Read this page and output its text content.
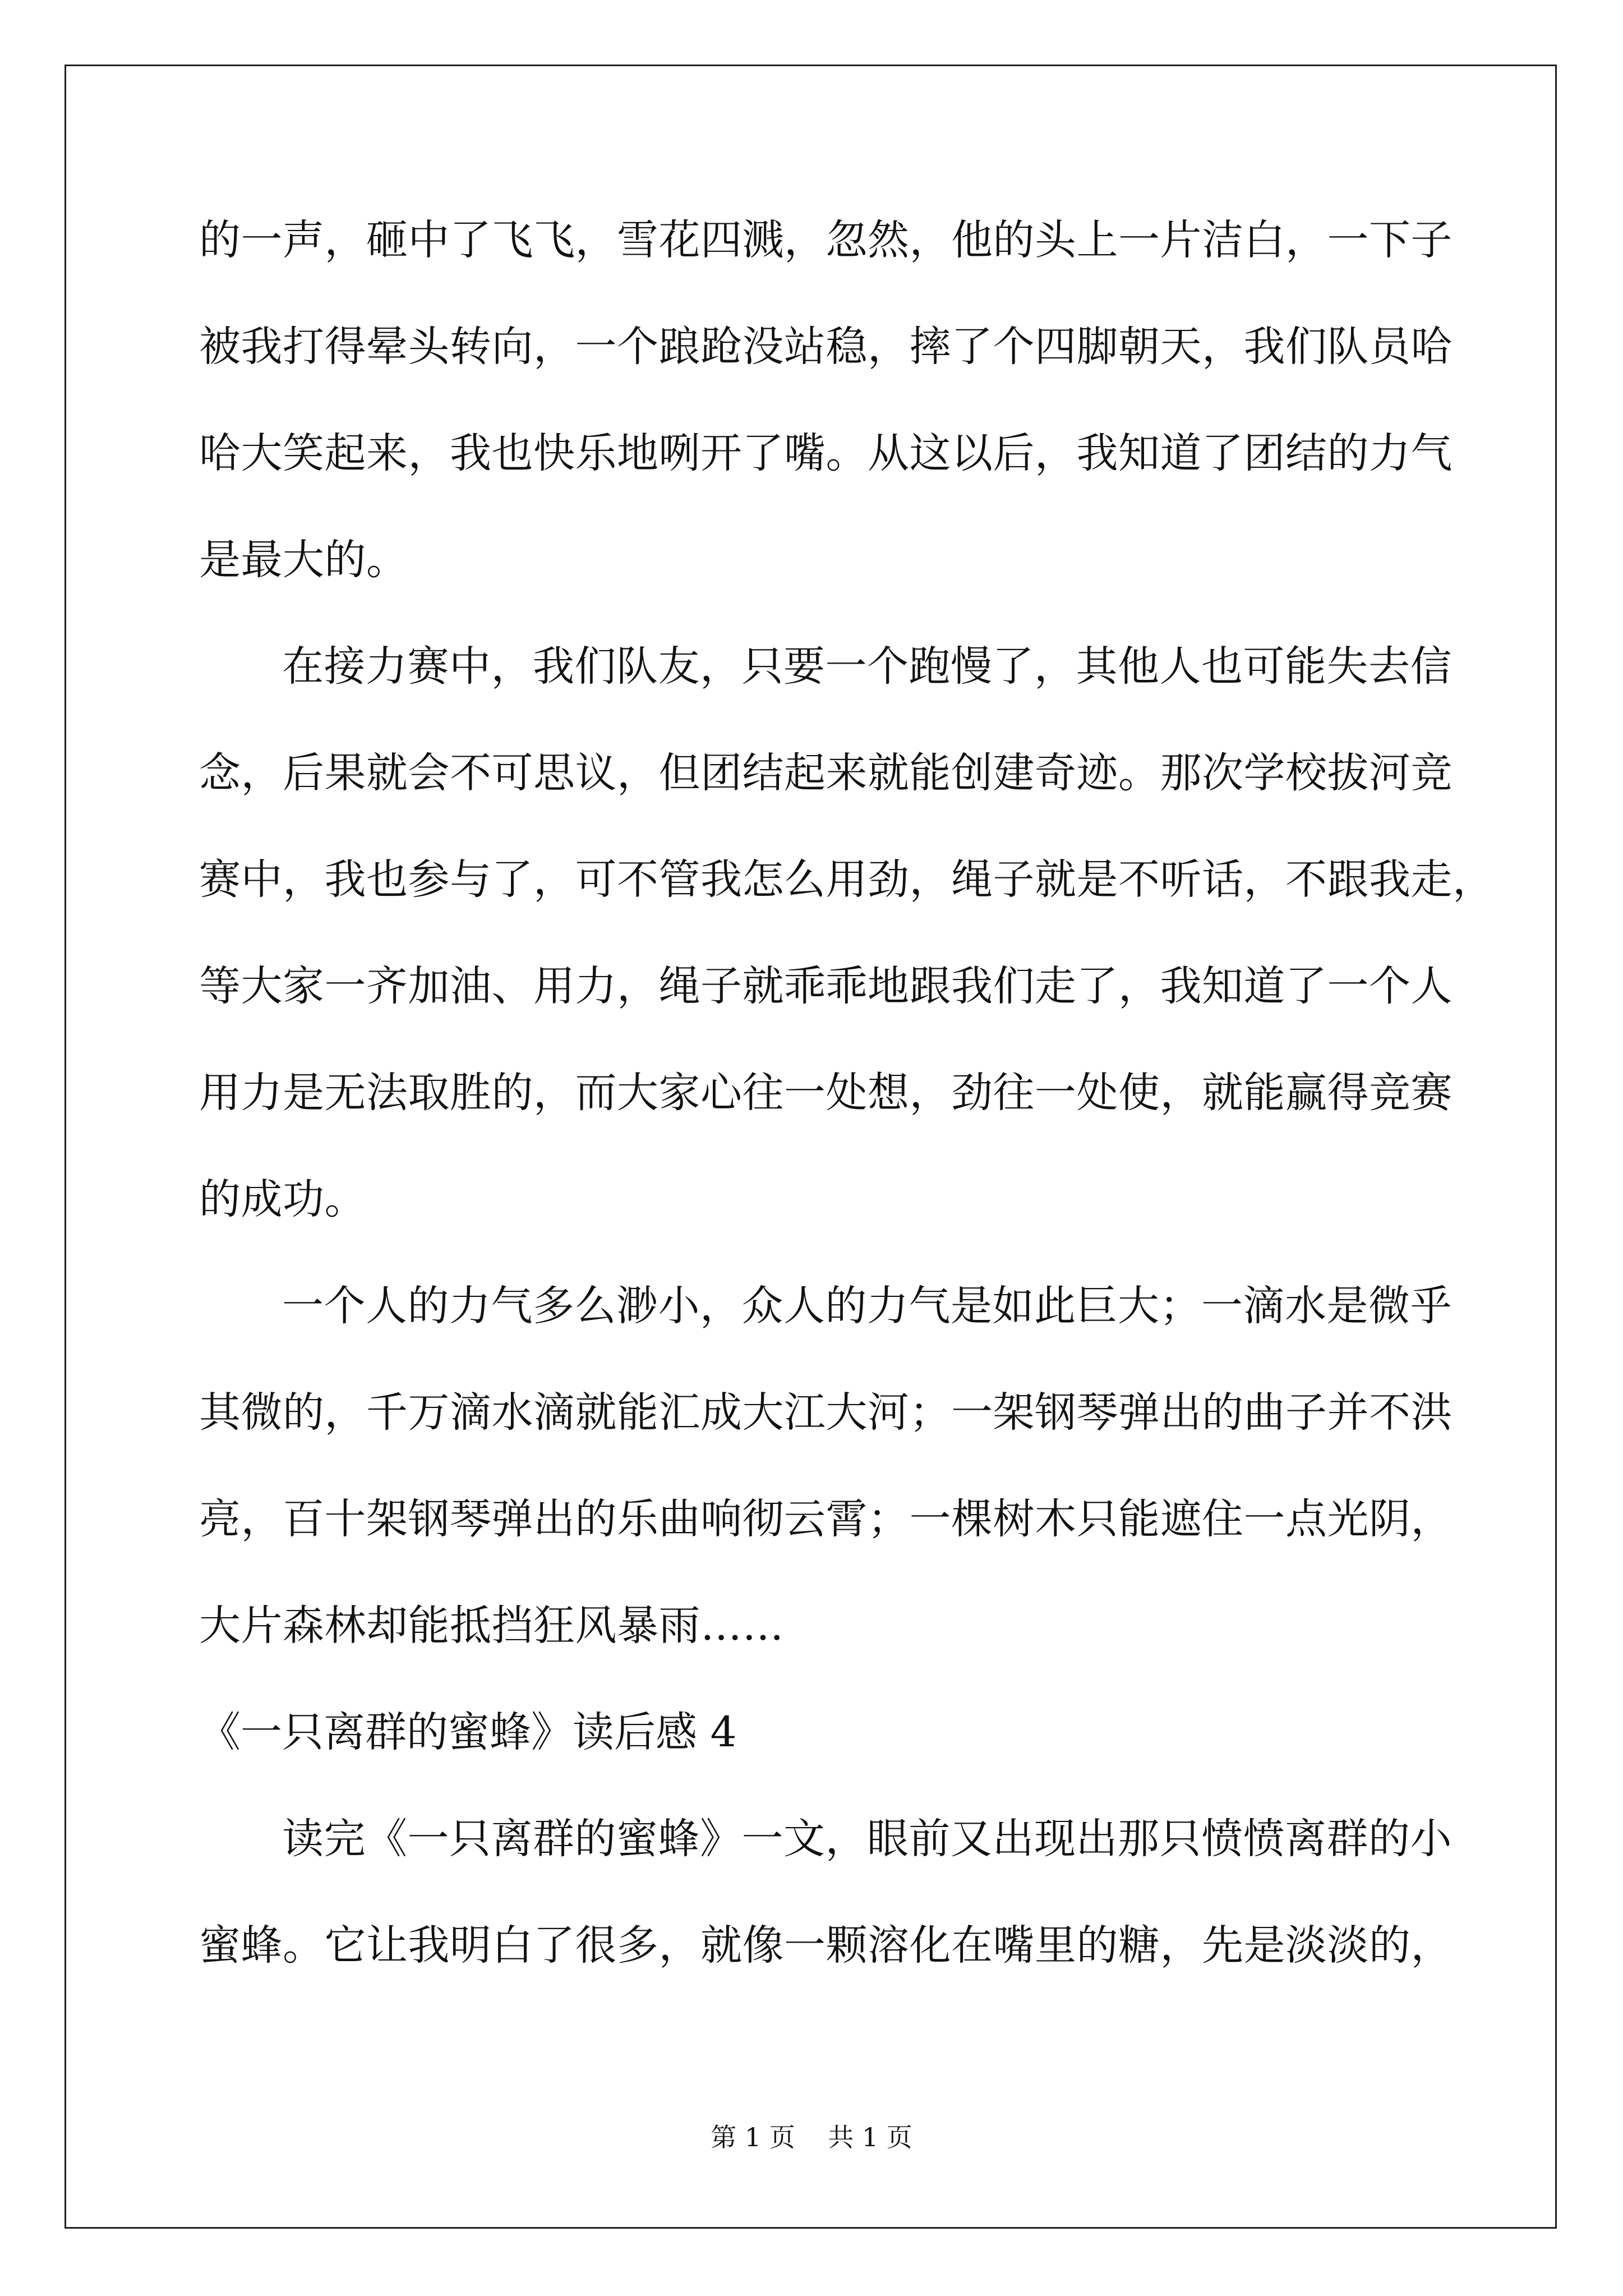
的一声，砸中了飞飞，雪花四溅，忽然，他的头上一片洁白，一下子
被我打得晕头转向，一个踉跄没站稳，摔了个四脚朝天，我们队员哈
哈大笑起来，我也快乐地咧开了嘴。从这以后，我知道了团结的力气
是最大的。
在接力赛中，我们队友，只要一个跑慢了，其他人也可能失去信
念，后果就会不可思议，但团结起来就能创建奇迹。那次学校拔河竞
赛中，我也参与了，可不管我怎么用劲，绳子就是不听话，不跟我走，
等大家一齐加油、用力，绳子就乖乖地跟我们走了，我知道了一个人
用力是无法取胜的，而大家心往一处想，劲往一处使，就能赢得竞赛
的成功。
一个人的力气多么渺小，众人的力气是如此巨大；一滴水是微乎
其微的，千万滴水滴就能汇成大江大河；一架钢琴弹出的曲子并不洪
亮，百十架钢琴弹出的乐曲响彻云霄；一棵树木只能遮住一点光阴，
大片森林却能抵挡狂风暴雨……
《一只离群的蜜蜂》读后感 4
读完《一只离群的蜜蜂》一文，眼前又出现出那只愤愤离群的小
蜜蜂。它让我明白了很多，就像一颗溶化在嘴里的糖，先是淡淡的，
第 1 页 共 1 页
